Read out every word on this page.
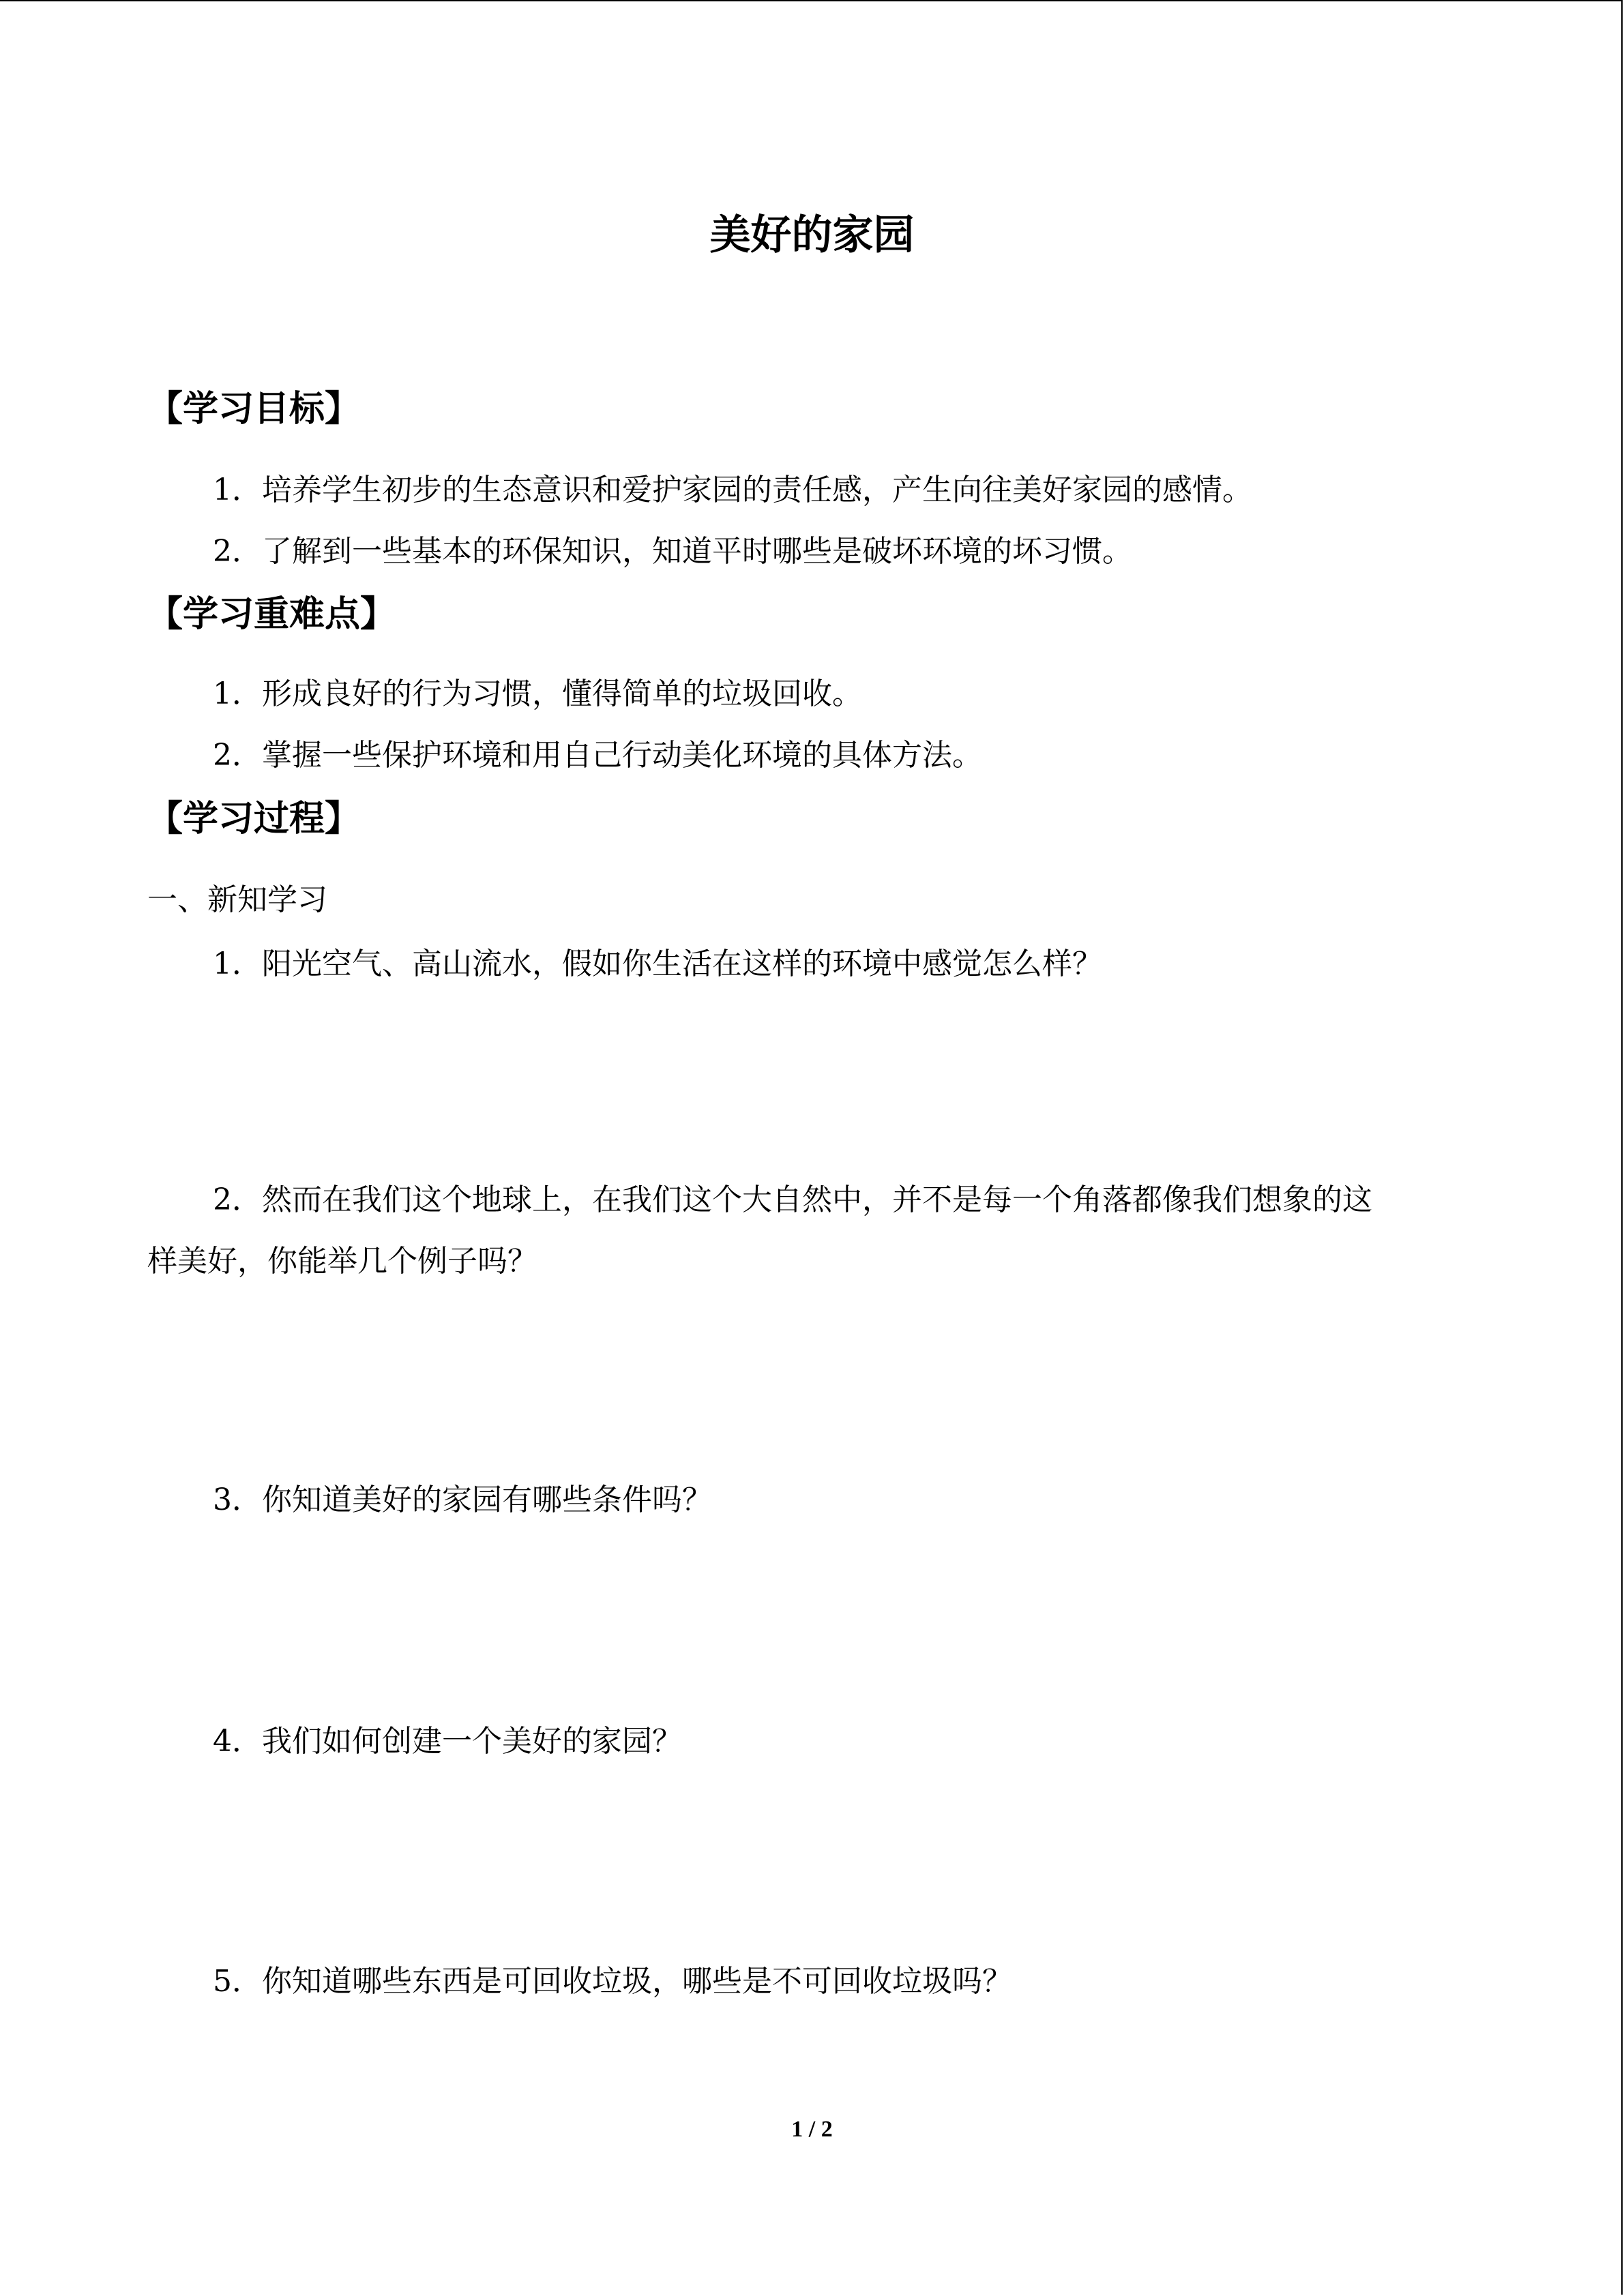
美好的家园
【学习目标】
1．培养学生初步的生态意识和爱护家园的责任感，产生向往美好家园的感情。
2．了解到一些基本的环保知识，知道平时哪些是破坏环境的坏习惯。
【学习重难点】
1．形成良好的行为习惯，懂得简单的垃圾回收。
2．掌握一些保护环境和用自己行动美化环境的具体方法。
【学习过程】
一、新知学习
1．阳光空气、高山流水，假如你生活在这样的环境中感觉怎么样？
2．然而在我们这个地球上，在我们这个大自然中，并不是每一个角落都像我们想象的这
样美好，你能举几个例子吗？
3．你知道美好的家园有哪些条件吗？
4．我们如何创建一个美好的家园？
5．你知道哪些东西是可回收垃圾，哪些是不可回收垃圾吗？
1 / 2
